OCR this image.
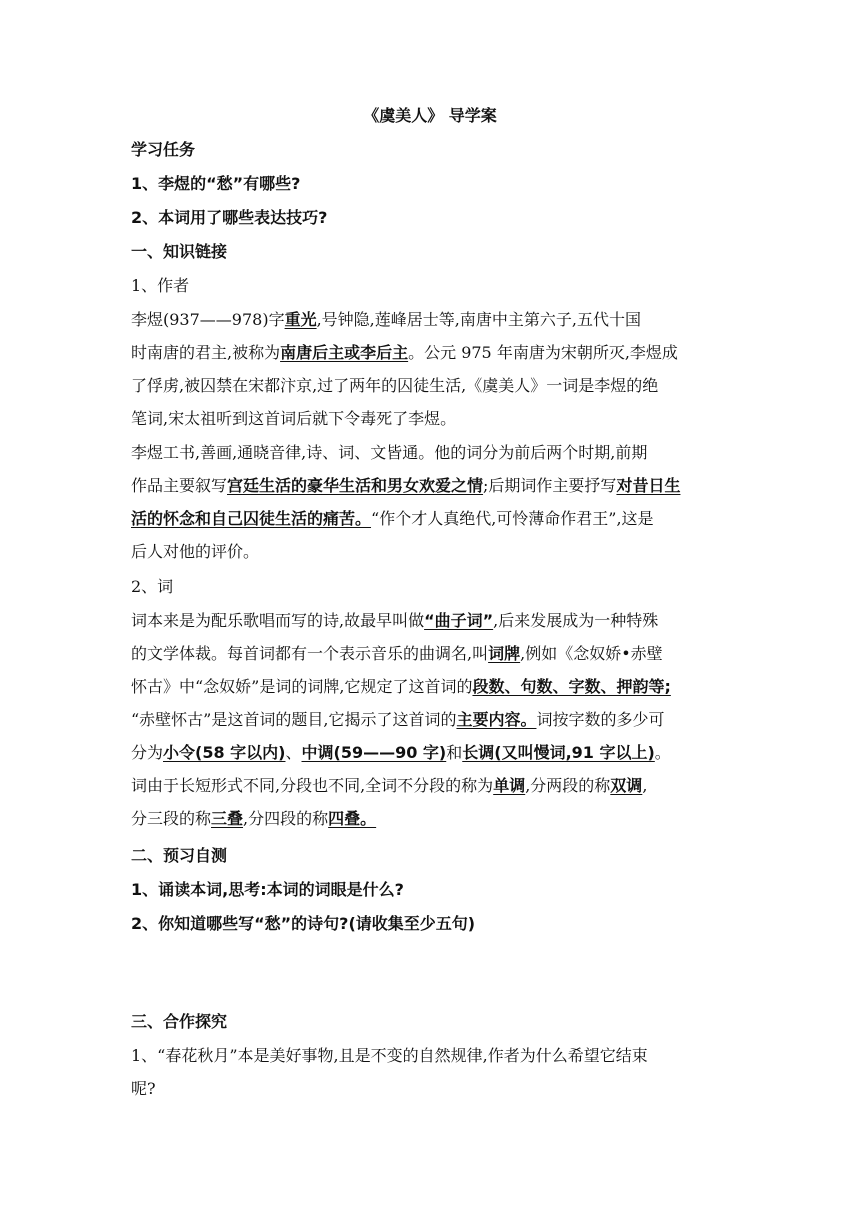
《虞美人》 导学案
学习任务
1、李煜的“愁”有哪些?
2、本词用了哪些表达技巧?
一、知识链接
1、作者
李煜(937——978)字重光,号钟隐,莲峰居士等,南唐中主第六子,五代十国
时南唐的君主,被称为南唐后主或李后主。公元 975 年南唐为宋朝所灭,李煜成
了俘虏,被囚禁在宋都汴京,过了两年的囚徒生活,《虞美人》一词是李煜的绝
笔词,宋太祖听到这首词后就下令毒死了李煜。
李煜工书,善画,通晓音律,诗、词、文皆通。他的词分为前后两个时期,前期
作品主要叙写宫廷生活的豪华生活和男女欢爱之情;后期词作主要抒写对昔日生
活的怀念和自己囚徒生活的痛苦。“作个才人真绝代,可怜薄命作君王”,这是
后人对他的评价。
2、词
词本来是为配乐歌唱而写的诗,故最早叫做“曲子词”,后来发展成为一种特殊
的文学体裁。每首词都有一个表示音乐的曲调名,叫词牌,例如《念奴娇•赤壁
怀古》中“念奴娇”是词的词牌,它规定了这首词的段数、句数、字数、押韵等;
“赤壁怀古”是这首词的题目,它揭示了这首词的主要内容。词按字数的多少可
分为小令(58 字以内)、中调(59——90 字)和长调(又叫慢词,91 字以上)。
词由于长短形式不同,分段也不同,全词不分段的称为单调,分两段的称双调,
分三段的称三叠,分四段的称四叠。
二、预习自测
1、诵读本词,思考:本词的词眼是什么?
2、你知道哪些写“愁”的诗句?(请收集至少五句)
三、合作探究
1、“春花秋月”本是美好事物,且是不变的自然规律,作者为什么希望它结束
呢?
